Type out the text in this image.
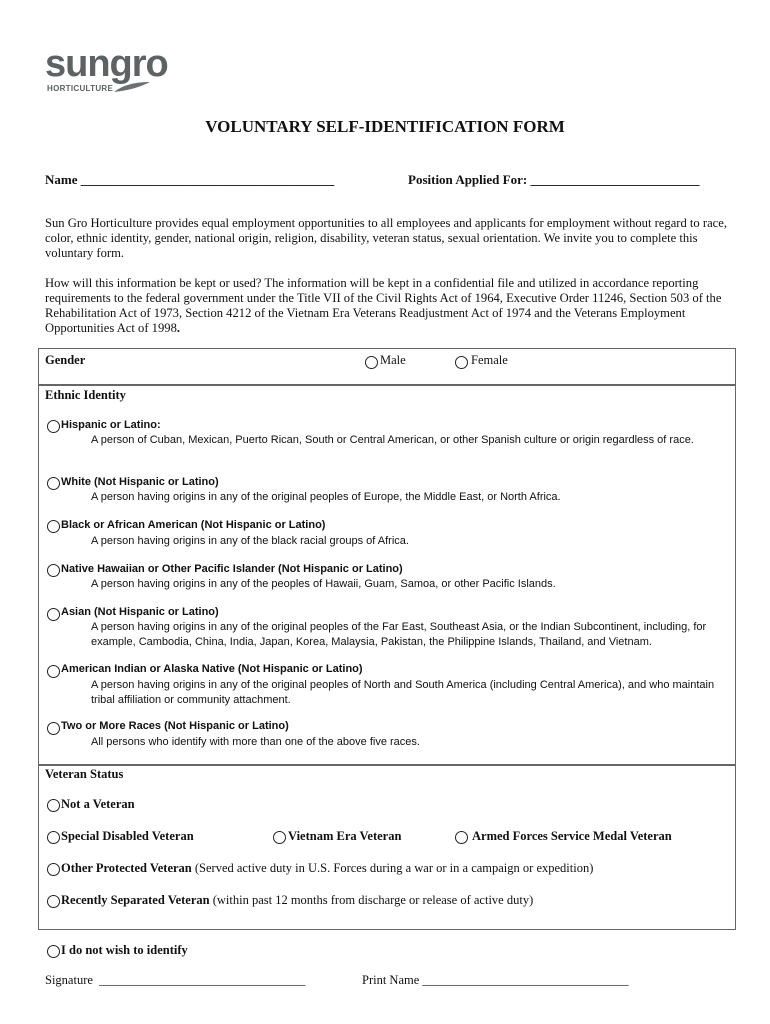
sungro
HORTICULTURE
VOLUNTARY SELF-IDENTIFICATION FORM
Name _______________________________________	Position Applied For: __________________________
Sun Gro Horticulture provides equal employment opportunities to all employees and applicants for employment without regard to race, color, ethnic identity, gender, national origin, religion, disability, veteran status, sexual orientation. We invite you to complete this voluntary form.
How will this information be kept or used? The information will be kept in a confidential file and utilized in accordance reporting requirements to the federal government under the Title VII of the Civil Rights Act of 1964, Executive Order 11246, Section 503 of the Rehabilitation Act of 1973, Section 4212 of the Vietnam Era Veterans Readjustment Act of 1974 and the Veterans Employment Opportunities Act of 1998.
Gender	Male	Female
Ethnic Identity
Hispanic or Latino:
A person of Cuban, Mexican, Puerto Rican, South or Central American, or other Spanish culture or origin regardless of race.
White (Not Hispanic or Latino)
A person having origins in any of the original peoples of Europe, the Middle East, or North Africa.
Black or African American (Not Hispanic or Latino)
A person having origins in any of the black racial groups of Africa.
Native Hawaiian or Other Pacific Islander (Not Hispanic or Latino)
A person having origins in any of the peoples of Hawaii, Guam, Samoa, or other Pacific Islands.
Asian (Not Hispanic or Latino)
A person having origins in any of the original peoples of the Far East, Southeast Asia, or the Indian Subcontinent, including, for example, Cambodia, China, India, Japan, Korea, Malaysia, Pakistan, the Philippine Islands, Thailand, and Vietnam.
American Indian or Alaska Native (Not Hispanic or Latino)
A person having origins in any of the original peoples of North and South America (including Central America), and who maintain tribal affiliation or community attachment.
Two or More Races (Not Hispanic or Latino)
All persons who identify with more than one of the above five races.
Veteran Status
Not a Veteran
Special Disabled Veteran	Vietnam Era Veteran	Armed Forces Service Medal Veteran
Other Protected Veteran (Served active duty in U.S. Forces during a war or in a campaign or expedition)
Recently Separated Veteran (within past 12 months from discharge or release of active duty)
I do not wish to identify
Signature _________________________________	Print Name _________________________________
